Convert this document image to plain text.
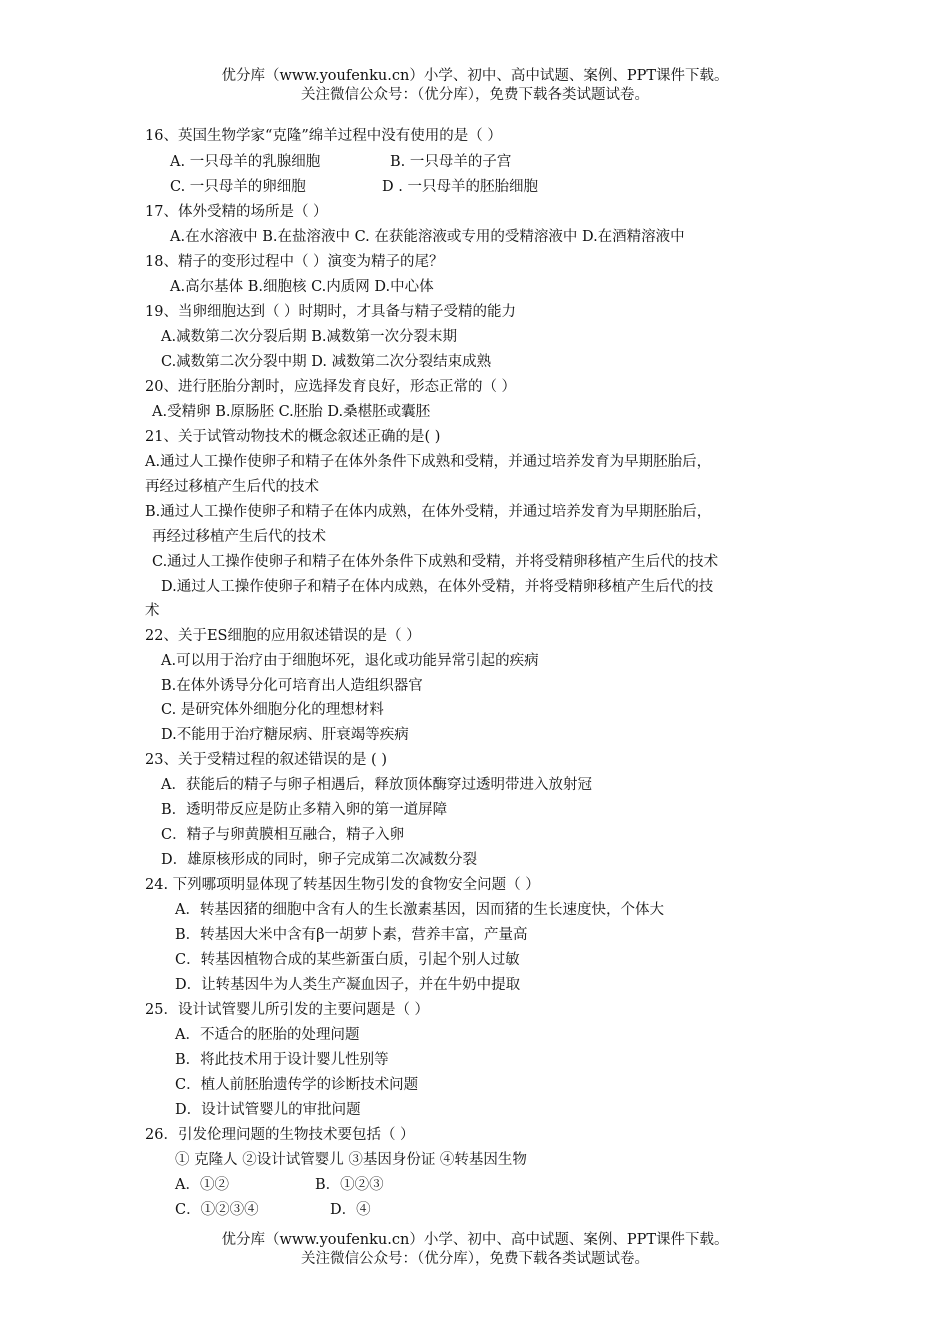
优分库（www.youfenku.cn）小学、初中、高中试题、案例、PPT课件下载。
关注微信公众号：（优分库），免费下载各类试题试卷。
16、英国生物学家“克隆”绵羊过程中没有使用的是（ ）
A. 一只母羊的乳腺细胞	B. 一只母羊的子宫
C. 一只母羊的卵细胞	D . 一只母羊的胚胎细胞
17、体外受精的场所是（ ）
A.在水溶液中 B.在盐溶液中 C. 在获能溶液或专用的受精溶液中 D.在酒精溶液中
18、精子的变形过程中（ ）演变为精子的尾？
A.高尔基体 B.细胞核 C.内质网 D.中心体
19、当卵细胞达到（ ）时期时，才具备与精子受精的能力
A.减数第二次分裂后期 B.减数第一次分裂末期
C.减数第二次分裂中期 D. 减数第二次分裂结束成熟
20、进行胚胎分割时，应选择发育良好，形态正常的（ ）
A.受精卵 B.原肠胚 C.胚胎 D.桑椹胚或囊胚
21、关于试管动物技术的概念叙述正确的是( )
A.通过人工操作使卵子和精子在体外条件下成熟和受精，并通过培养发育为早期胚胎后，
再经过移植产生后代的技术
B.通过人工操作使卵子和精子在体内成熟，在体外受精，并通过培养发育为早期胚胎后，
再经过移植产生后代的技术
C.通过人工操作使卵子和精子在体外条件下成熟和受精，并将受精卵移植产生后代的技术
D.通过人工操作使卵子和精子在体内成熟，在体外受精，并将受精卵移植产生后代的技
术
22、关于ES细胞的应用叙述错误的是（ ）
A.可以用于治疗由于细胞坏死，退化或功能异常引起的疾病
B.在体外诱导分化可培育出人造组织器官
C. 是研究体外细胞分化的理想材料
D.不能用于治疗糖尿病、肝衰竭等疾病
23、关于受精过程的叙述错误的是 ( )
A．获能后的精子与卵子相遇后，释放顶体酶穿过透明带进入放射冠
B．透明带反应是防止多精入卵的第一道屏障
C．精子与卵黄膜相互融合，精子入卵
D．雄原核形成的同时，卵子完成第二次减数分裂
24. 下列哪项明显体现了转基因生物引发的食物安全问题（ ）
A．转基因猪的细胞中含有人的生长激素基因，因而猪的生长速度快，个体大
B．转基因大米中含有β一胡萝卜素，营养丰富，产量高
C．转基因植物合成的某些新蛋白质，引起个别人过敏
D．让转基因牛为人类生产凝血因子，并在牛奶中提取
25．设计试管婴儿所引发的主要问题是（ ）
A．不适合的胚胎的处理问题
B．将此技术用于设计婴儿性别等
C．植人前胚胎遗传学的诊断技术问题
D．设计试管婴儿的审批问题
26．引发伦理问题的生物技术要包括（ ）
① 克隆人 ②设计试管婴儿 ③基因身份证 ④转基因生物
A．①②	B．①②③
C．①②③④	D．④
优分库（www.youfenku.cn）小学、初中、高中试题、案例、PPT课件下载。
关注微信公众号：（优分库），免费下载各类试题试卷。
